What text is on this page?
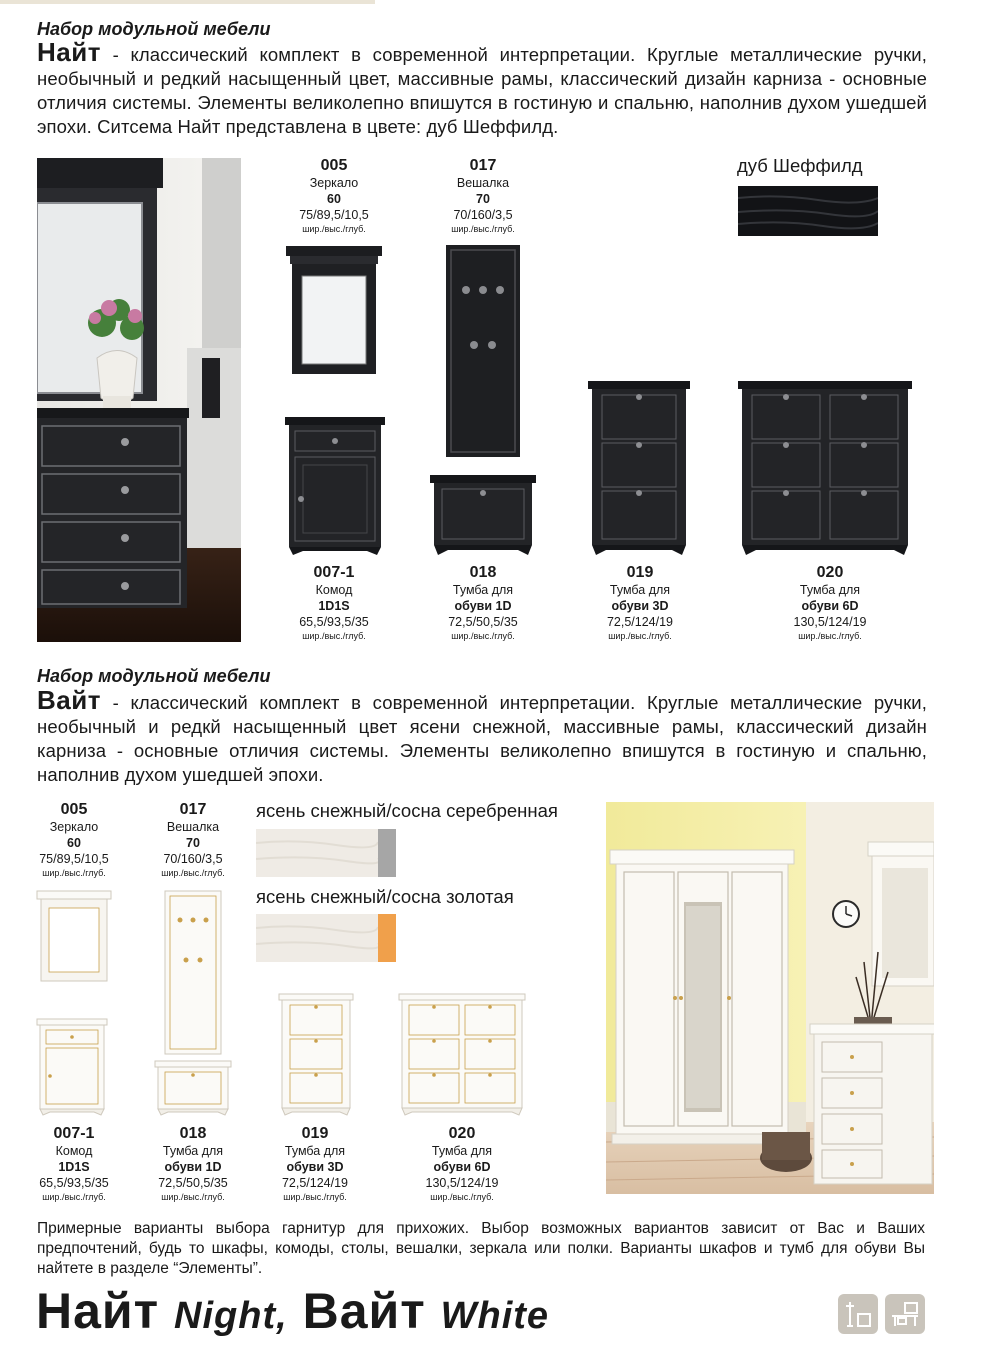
Набор модульной мебели
Найт - классический комплект в современной интерпретации. Круглые металлические ручки, необычный и редкий насыщенный цвет, массивные рамы, классический дизайн карниза - основные отличия системы. Элементы великолепно впишутся в гостиную и спальню, наполнив духом ушедшей эпохи. Ситсема Найт представлена в цвете: дуб Шеффилд.
005
Зеркало
60
75/89,5/10,5
шир./выс./глуб.
017
Вешалка
70
70/160/3,5
шир./выс./глуб.
дуб Шеффилд
007-1
Комод
1D1S
65,5/93,5/35
шир./выс./глуб.
018
Тумба для
обуви 1D
72,5/50,5/35
шир./выс./глуб.
019
Тумба для
обуви 3D
72,5/124/19
шир./выс./глуб.
020
Тумба для
обуви 6D
130,5/124/19
шир./выс./глуб.
Набор модульной мебели
Вайт - классический комплект в современной интерпретации. Круглые металлические ручки, необычный и редкй насыщенный цвет ясени снежной, массивные рамы, классический дизайн карниза - основные отличия системы. Элементы великолепно впишутся в гостиную и спальню, наполнив духом ушедшей эпохи.
005
Зеркало
60
75/89,5/10,5
шир./выс./глуб.
017
Вешалка
70
70/160/3,5
шир./выс./глуб.
ясень снежный/сосна серебренная
ясень снежный/сосна золотая
007-1
Комод
1D1S
65,5/93,5/35
шир./выс./глуб.
018
Тумба для
обуви 1D
72,5/50,5/35
шир./выс./глуб.
019
Тумба для
обуви 3D
72,5/124/19
шир./выс./глуб.
020
Тумба для
обуви 6D
130,5/124/19
шир./выс./глуб.
Примерные варианты выбора гарнитур для прихожих. Выбор возможных вариантов зависит от Вас и Ваших предпочтений, будь то шкафы, комоды, столы, вешалки, зеркала или полки. Варианты шкафов и тумб для обуви Вы найтете в разделе “Элементы”.
Найт Night, Вайт White
